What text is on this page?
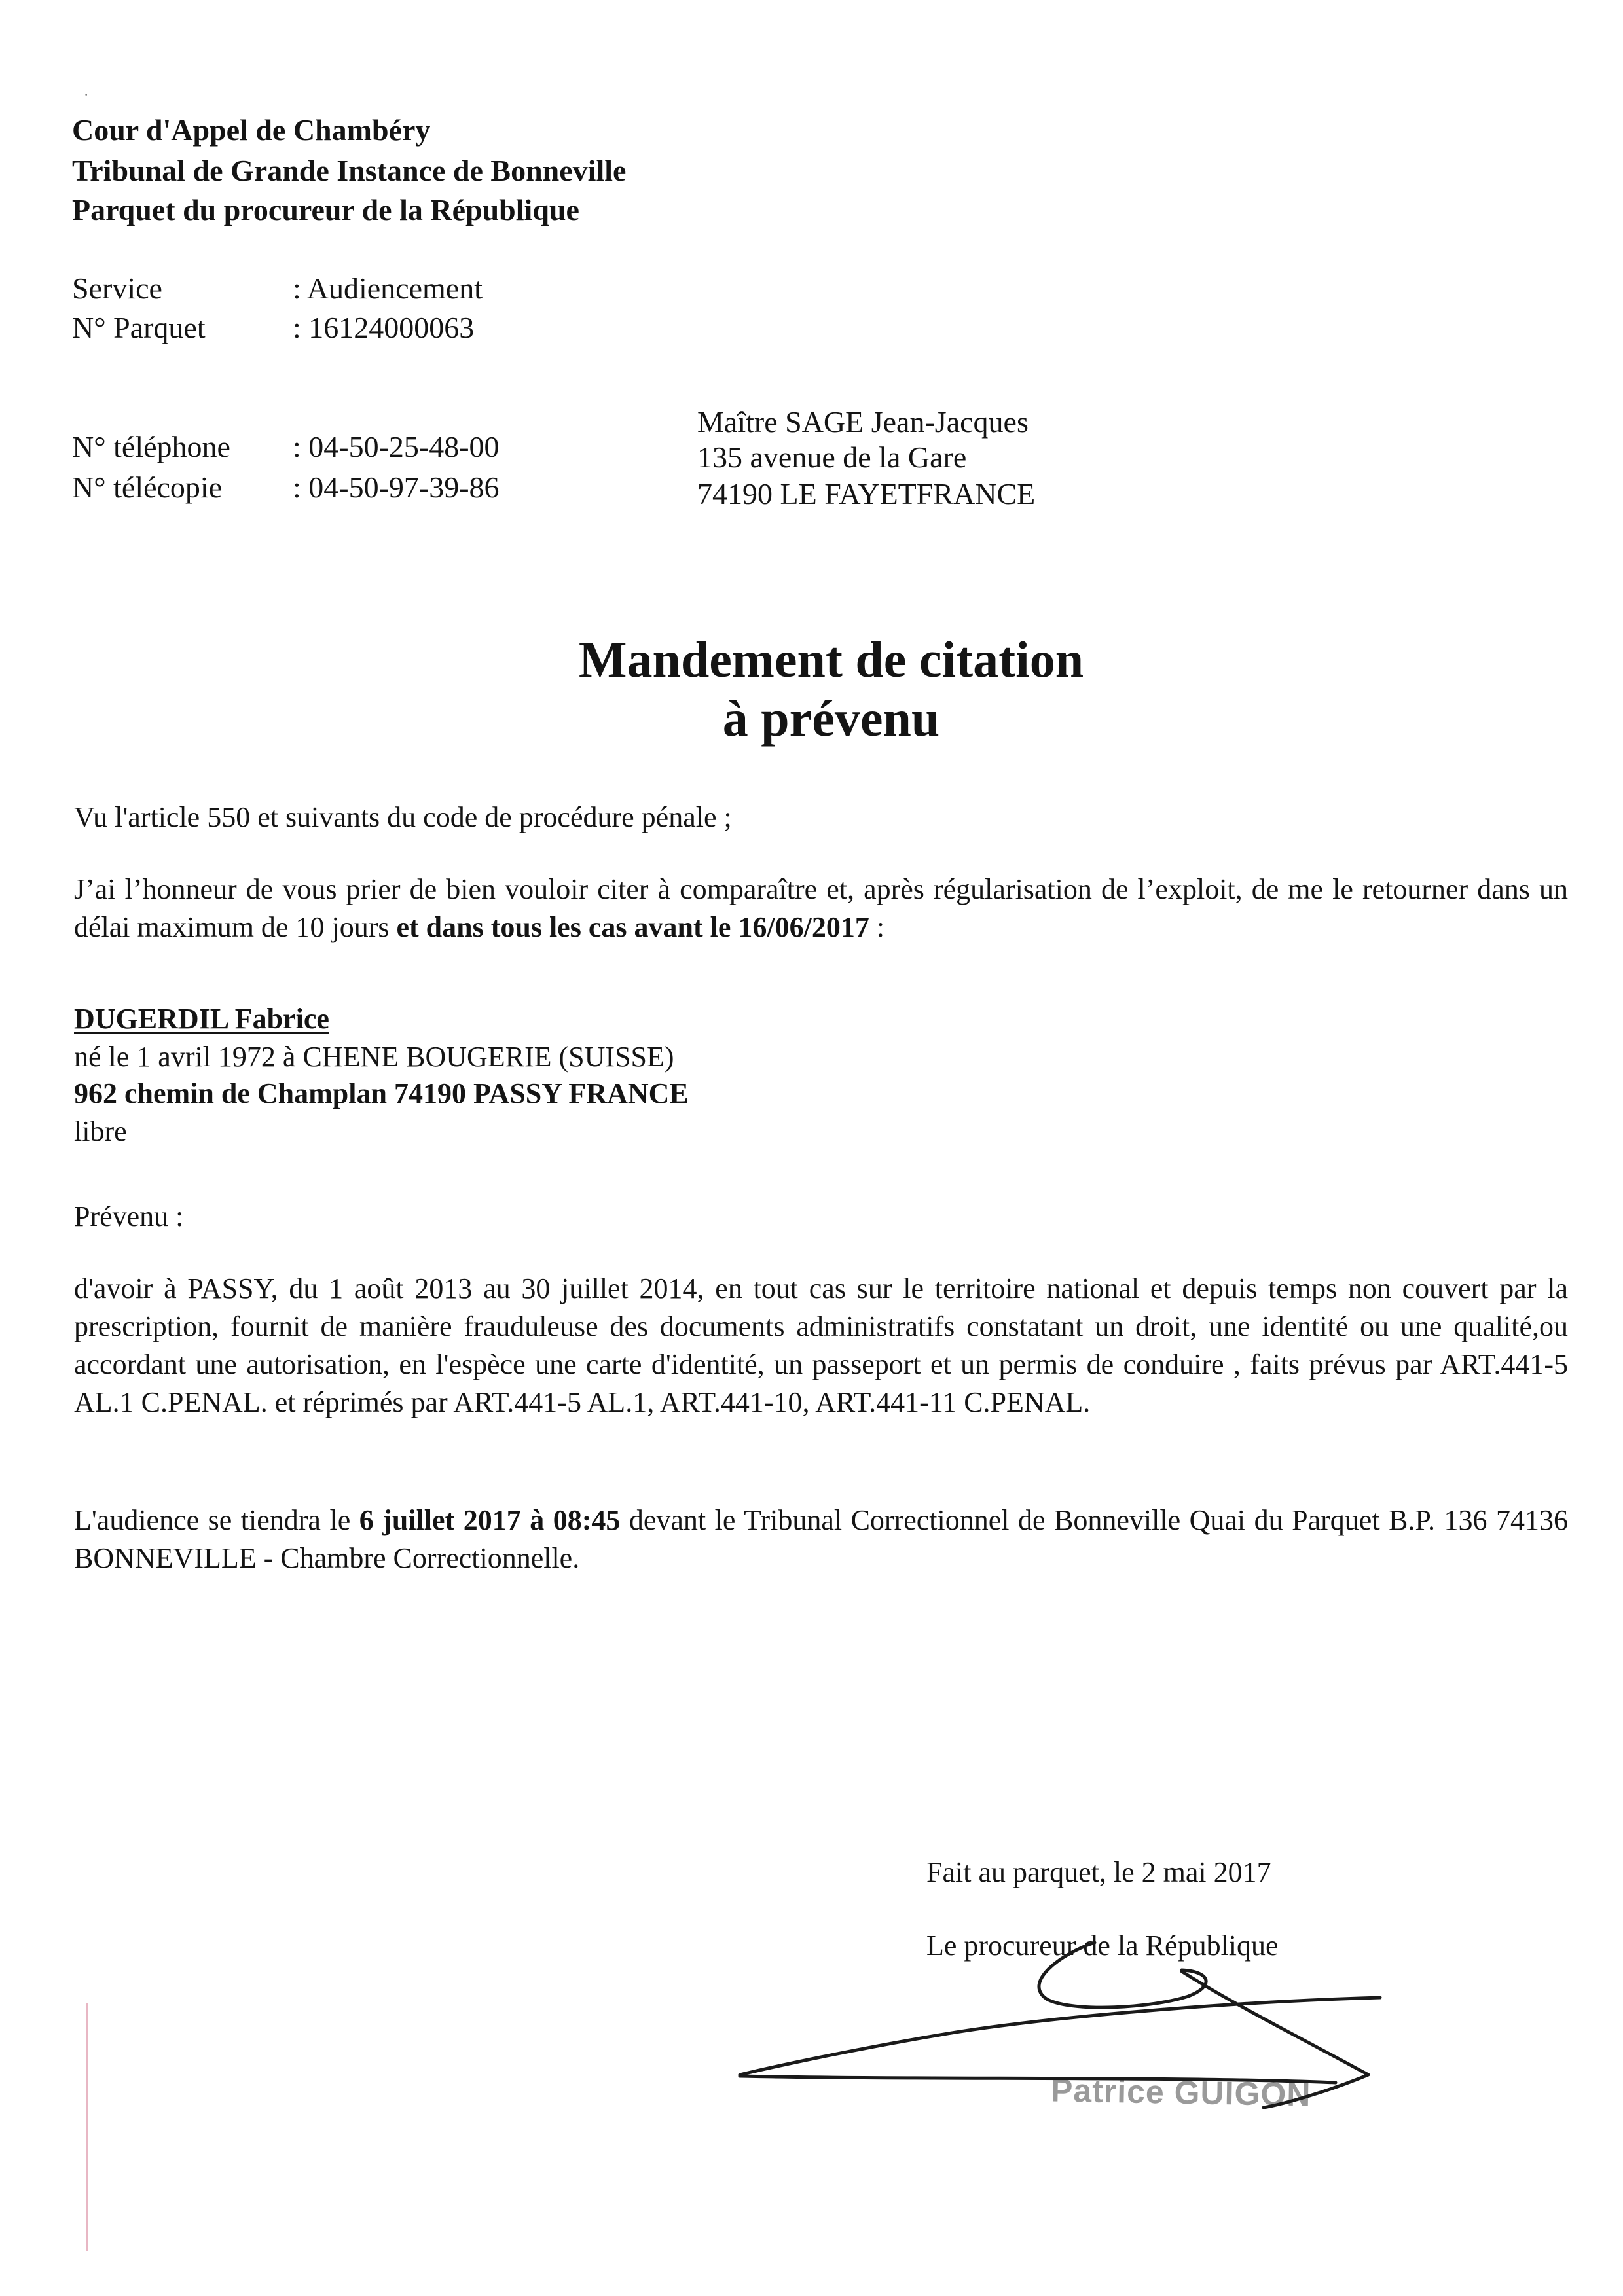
·
Cour d'Appel de Chambéry
Tribunal de Grande Instance de Bonneville
Parquet du procureur de la République
Service	: Audiencement
N° Parquet	: 16124000063
N° téléphone : 04-50-25-48-00
N° télécopie : 04-50-97-39-86
Maître SAGE Jean-Jacques
135 avenue de la Gare
74190 LE FAYETFRANCE
Mandement de citation
à prévenu
Vu l'article 550 et suivants du code de procédure pénale ;
J’ai l’honneur de vous prier de bien vouloir citer à comparaître et, après régularisation de l’exploit, de me le retourner dans un délai maximum de 10 jours et dans tous les cas avant le 16/06/2017 :
DUGERDIL Fabrice
né le 1 avril 1972 à CHENE BOUGERIE (SUISSE)
962 chemin de Champlan 74190 PASSY FRANCE
libre
Prévenu :
d'avoir à PASSY, du 1 août 2013 au 30 juillet 2014, en tout cas sur le territoire national et depuis temps non couvert par la prescription, fournit de manière frauduleuse des documents administratifs constatant un droit, une identité ou une qualité,ou accordant une autorisation, en l'espèce une carte d'identité, un passeport et un permis de conduire , faits prévus par ART.441-5 AL.1 C.PENAL. et réprimés par ART.441-5 AL.1, ART.441-10, ART.441-11 C.PENAL.
L'audience se tiendra le 6 juillet 2017 à 08:45 devant le Tribunal Correctionnel de Bonneville Quai du Parquet B.P. 136 74136 BONNEVILLE - Chambre Correctionnelle.
Fait au parquet, le 2 mai 2017
Le procureur de la République
Patrice GUIGON
